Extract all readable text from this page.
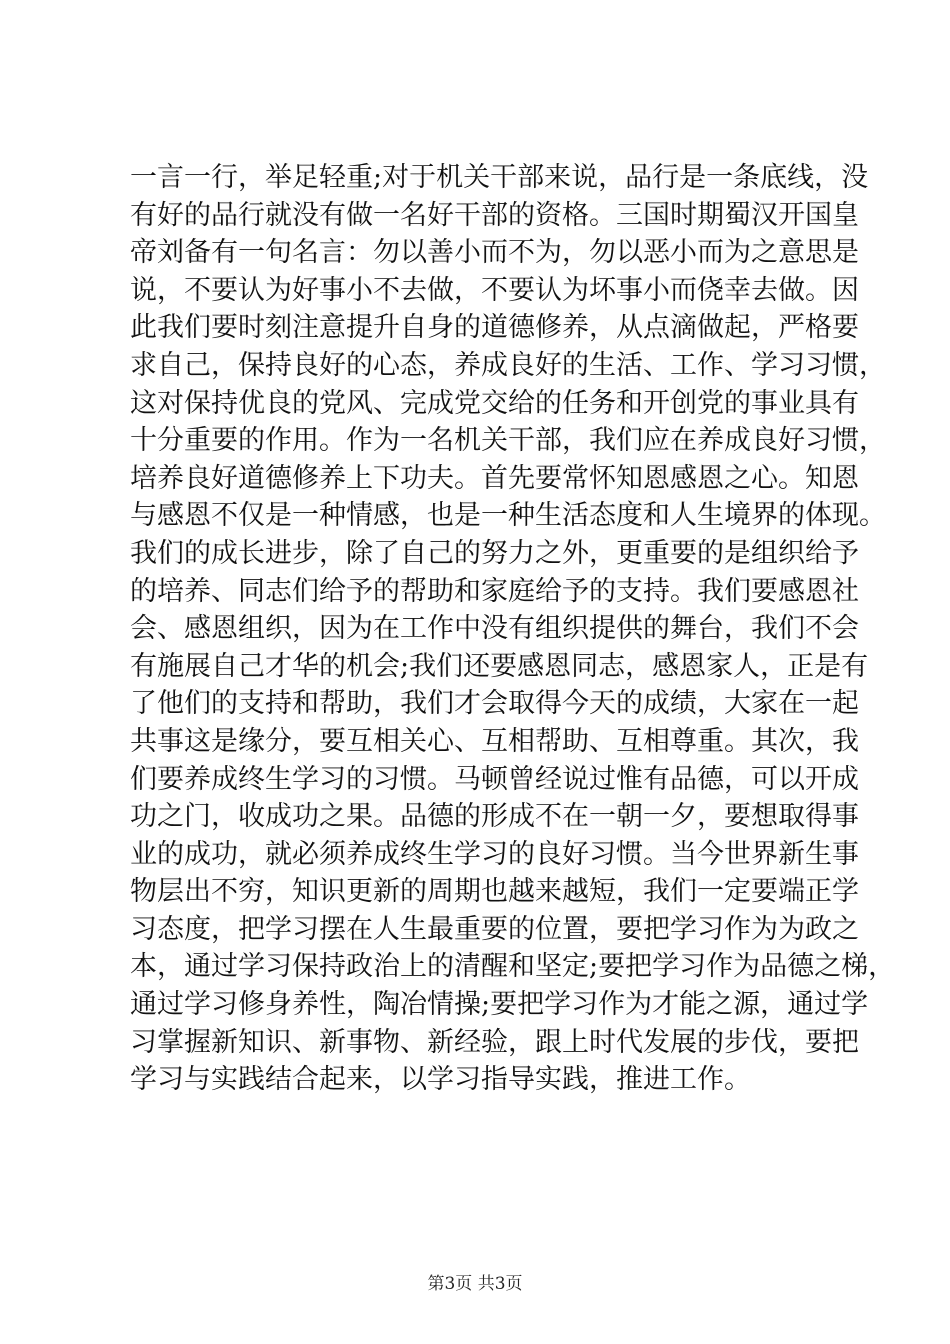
一言一行，举足轻重;对于机关干部来说，品行是一条底线，没
有好的品行就没有做一名好干部的资格。三国时期蜀汉开国皇
帝刘备有一句名言：勿以善小而不为，勿以恶小而为之意思是
说，不要认为好事小不去做，不要认为坏事小而侥幸去做。因
此我们要时刻注意提升自身的道德修养，从点滴做起，严格要
求自己，保持良好的心态，养成良好的生活、工作、学习习惯，
这对保持优良的党风、完成党交给的任务和开创党的事业具有
十分重要的作用。作为一名机关干部，我们应在养成良好习惯，
培养良好道德修养上下功夫。首先要常怀知恩感恩之心。知恩
与感恩不仅是一种情感，也是一种生活态度和人生境界的体现。
我们的成长进步，除了自己的努力之外，更重要的是组织给予
的培养、同志们给予的帮助和家庭给予的支持。我们要感恩社
会、感恩组织，因为在工作中没有组织提供的舞台，我们不会
有施展自己才华的机会;我们还要感恩同志，感恩家人，正是有
了他们的支持和帮助，我们才会取得今天的成绩，大家在一起
共事这是缘分，要互相关心、互相帮助、互相尊重。其次，我
们要养成终生学习的习惯。马顿曾经说过惟有品德，可以开成
功之门，收成功之果。品德的形成不在一朝一夕，要想取得事
业的成功，就必须养成终生学习的良好习惯。当今世界新生事
物层出不穷，知识更新的周期也越来越短，我们一定要端正学
习态度，把学习摆在人生最重要的位置，要把学习作为为政之
本，通过学习保持政治上的清醒和坚定;要把学习作为品德之梯，
通过学习修身养性，陶冶情操;要把学习作为才能之源，通过学
习掌握新知识、新事物、新经验，跟上时代发展的步伐，要把
学习与实践结合起来，以学习指导实践，推进工作。
第3页 共3页
